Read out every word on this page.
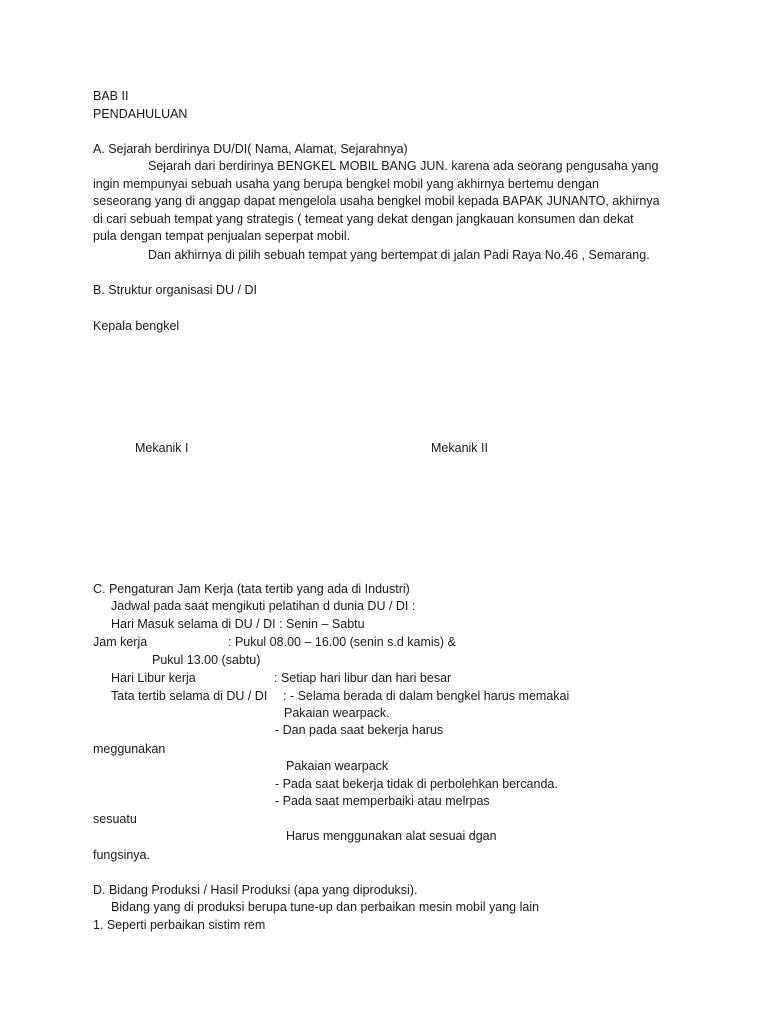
BAB II
PENDAHULUAN
A. Sejarah berdirinya DU/DI( Nama, Alamat, Sejarahnya)
Sejarah dari berdirinya BENGKEL MOBIL BANG JUN. karena ada seorang pengusaha yang
ingin mempunyai sebuah usaha yang berupa bengkel mobil yang akhirnya bertemu dengan
seseorang yang di anggap dapat mengelola usaha bengkel mobil kepada BAPAK JUNANTO, akhirnya
di cari sebuah tempat yang strategis ( temeat yang dekat dengan jangkauan konsumen dan dekat
pula dengan tempat penjualan seperpat mobil.
Dan akhirnya di pilih sebuah tempat yang bertempat di jalan Padi Raya No.46 , Semarang.
B. Struktur organisasi DU / DI
Kepala bengkel
Mekanik I	Mekanik II
C. Pengaturan Jam Kerja (tata tertib yang ada di Industri)
Jadwal pada saat mengikuti pelatihan d dunia DU / DI :
Hari Masuk selama di DU / DI : Senin – Sabtu
Jam kerja	: Pukul 08.00 – 16.00 (senin s.d kamis) &
Pukul 13.00 (sabtu)
Hari Libur kerja	: Setiap hari libur dan hari besar
Tata tertib selama di DU / DI : - Selama berada di dalam bengkel harus memakai
Pakaian wearpack.
- Dan pada saat bekerja harus
meggunakan
Pakaian wearpack
- Pada saat bekerja tidak di perbolehkan bercanda.
- Pada saat memperbaiki atau melrpas
sesuatu
Harus menggunakan alat sesuai dgan
fungsinya.
D. Bidang Produksi / Hasil Produksi (apa yang diproduksi).
Bidang yang di produksi berupa tune-up dan perbaikan mesin mobil yang lain
1. Seperti perbaikan sistim rem
